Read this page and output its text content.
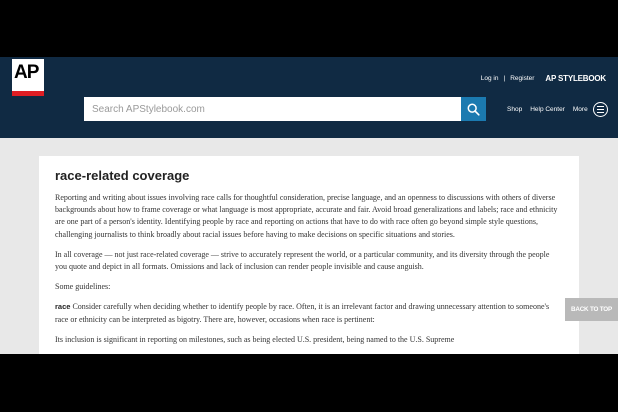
AP	Log in | Register AP STYLEBOOK
Search APStylebook.com
Shop Help Center More
race-related coverage

Reporting and writing about issues involving race calls for thoughtful consideration, precise language, and an openness to discussions with others of diverse backgrounds about how to frame coverage or what language is most appropriate, accurate and fair. Avoid broad generalizations and labels; race and ethnicity are one part of a person's identity. Identifying people by race and reporting on actions that have to do with race often go beyond simple style questions, challenging journalists to think broadly about racial issues before having to make decisions on specific situations and stories.

In all coverage — not just race-related coverage — strive to accurately represent the world, or a particular community, and its diversity through the people you quote and depict in all formats. Omissions and lack of inclusion can render people invisible and cause anguish.

Some guidelines:

race Consider carefully when deciding whether to identify people by race. Often, it is an irrelevant factor and drawing unnecessary attention to someone's race or ethnicity can be interpreted as bigotry. There are, however, occasions when race is pertinent:

Its inclusion is significant in reporting on milestones, such as being elected U.S. president, being named to the U.S. Supreme

BACK TO TOP
